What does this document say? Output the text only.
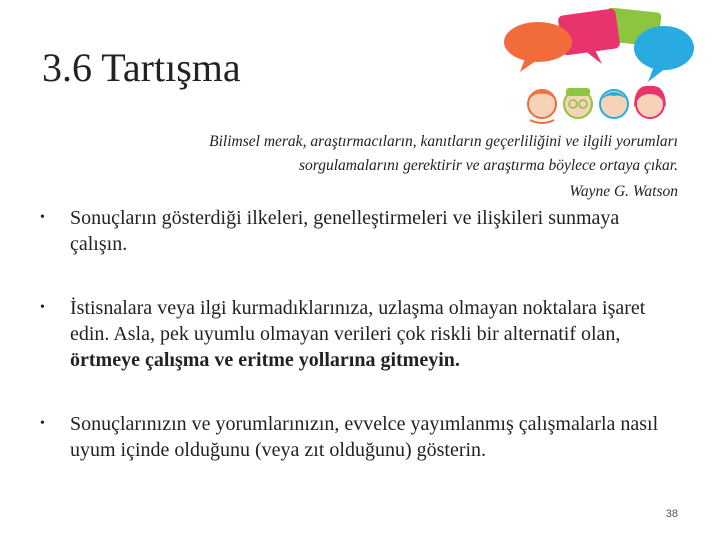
3.6 Tartışma
Bilimsel merak, araştırmacıların, kanıtların geçerliliğini ve ilgili yorumları
sorgulamalarını gerektirir ve araştırma böylece ortaya çıkar.
Wayne G. Watson
•	Sonuçların gösterdiği ilkeleri, genelleştirmeleri ve ilişkileri sunmaya çalışın.
•	İstisnalara veya ilgi kurmadıklarınıza, uzlaşma olmayan noktalara işaret edin. Asla, pek uyumlu olmayan verileri çok riskli bir alternatif olan, örtmeye çalışma ve eritme yollarına gitmeyin.
•	Sonuçlarınızın ve yorumlarınızın, evvelce yayımlanmış çalışmalarla nasıl uyum içinde olduğunu (veya zıt olduğunu) gösterin.
38
